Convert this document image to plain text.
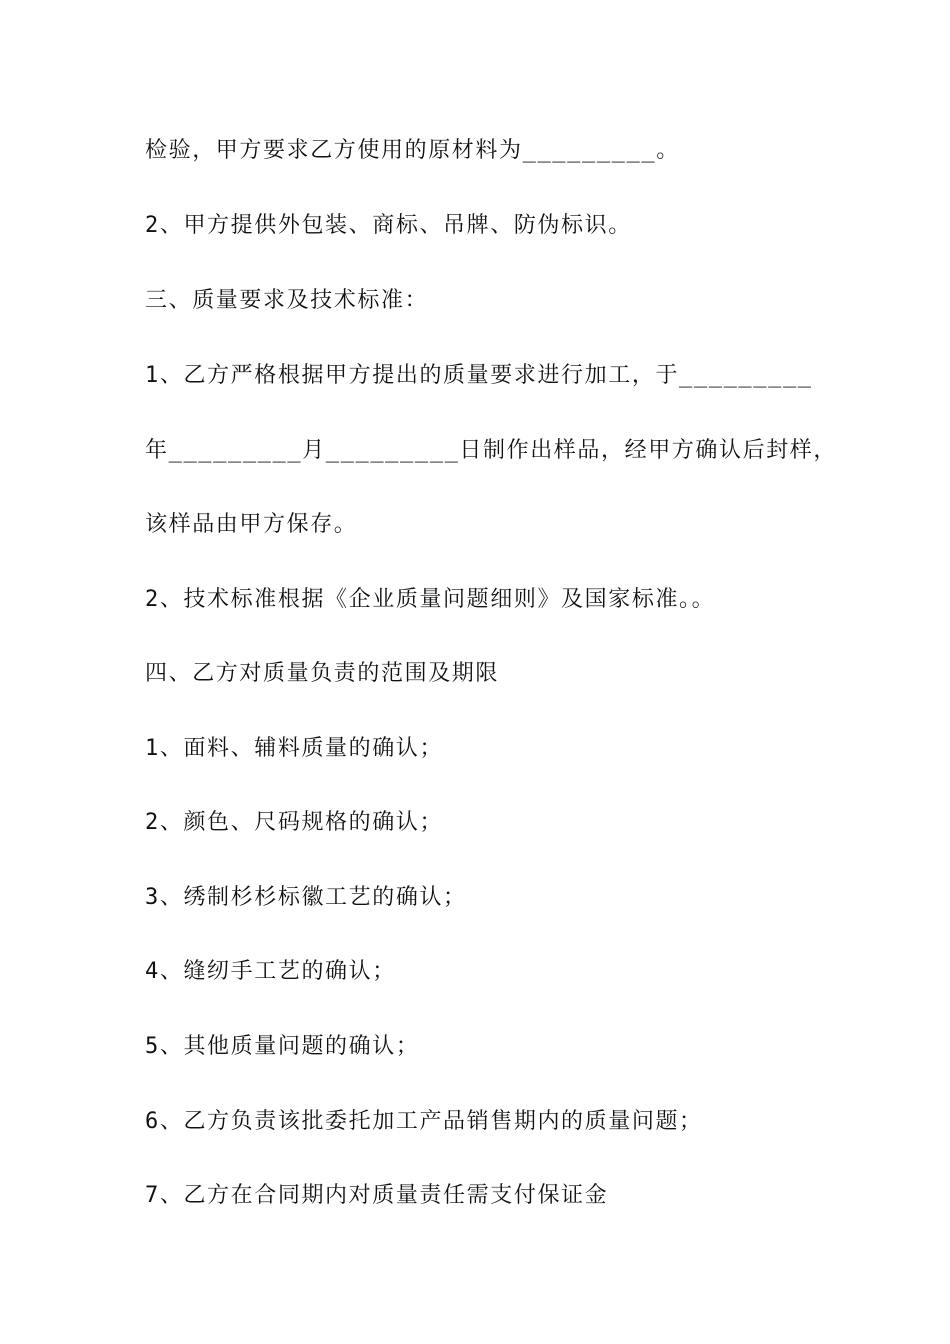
检验，甲方要求乙方使用的原材料为_________。
2、甲方提供外包装、商标、吊牌、防伪标识。
三、质量要求及技术标准：
1、乙方严格根据甲方提出的质量要求进行加工，于_________
年_________月_________日制作出样品，经甲方确认后封样，
该样品由甲方保存。
2、技术标准根据《企业质量问题细则》及国家标准。。
四、乙方对质量负责的范围及期限
1、面料、辅料质量的确认；
2、颜色、尺码规格的确认；
3、绣制杉杉标徽工艺的确认；
4、缝纫手工艺的确认；
5、其他质量问题的确认；
6、乙方负责该批委托加工产品销售期内的质量问题；
7、乙方在合同期内对质量责任需支付保证金
